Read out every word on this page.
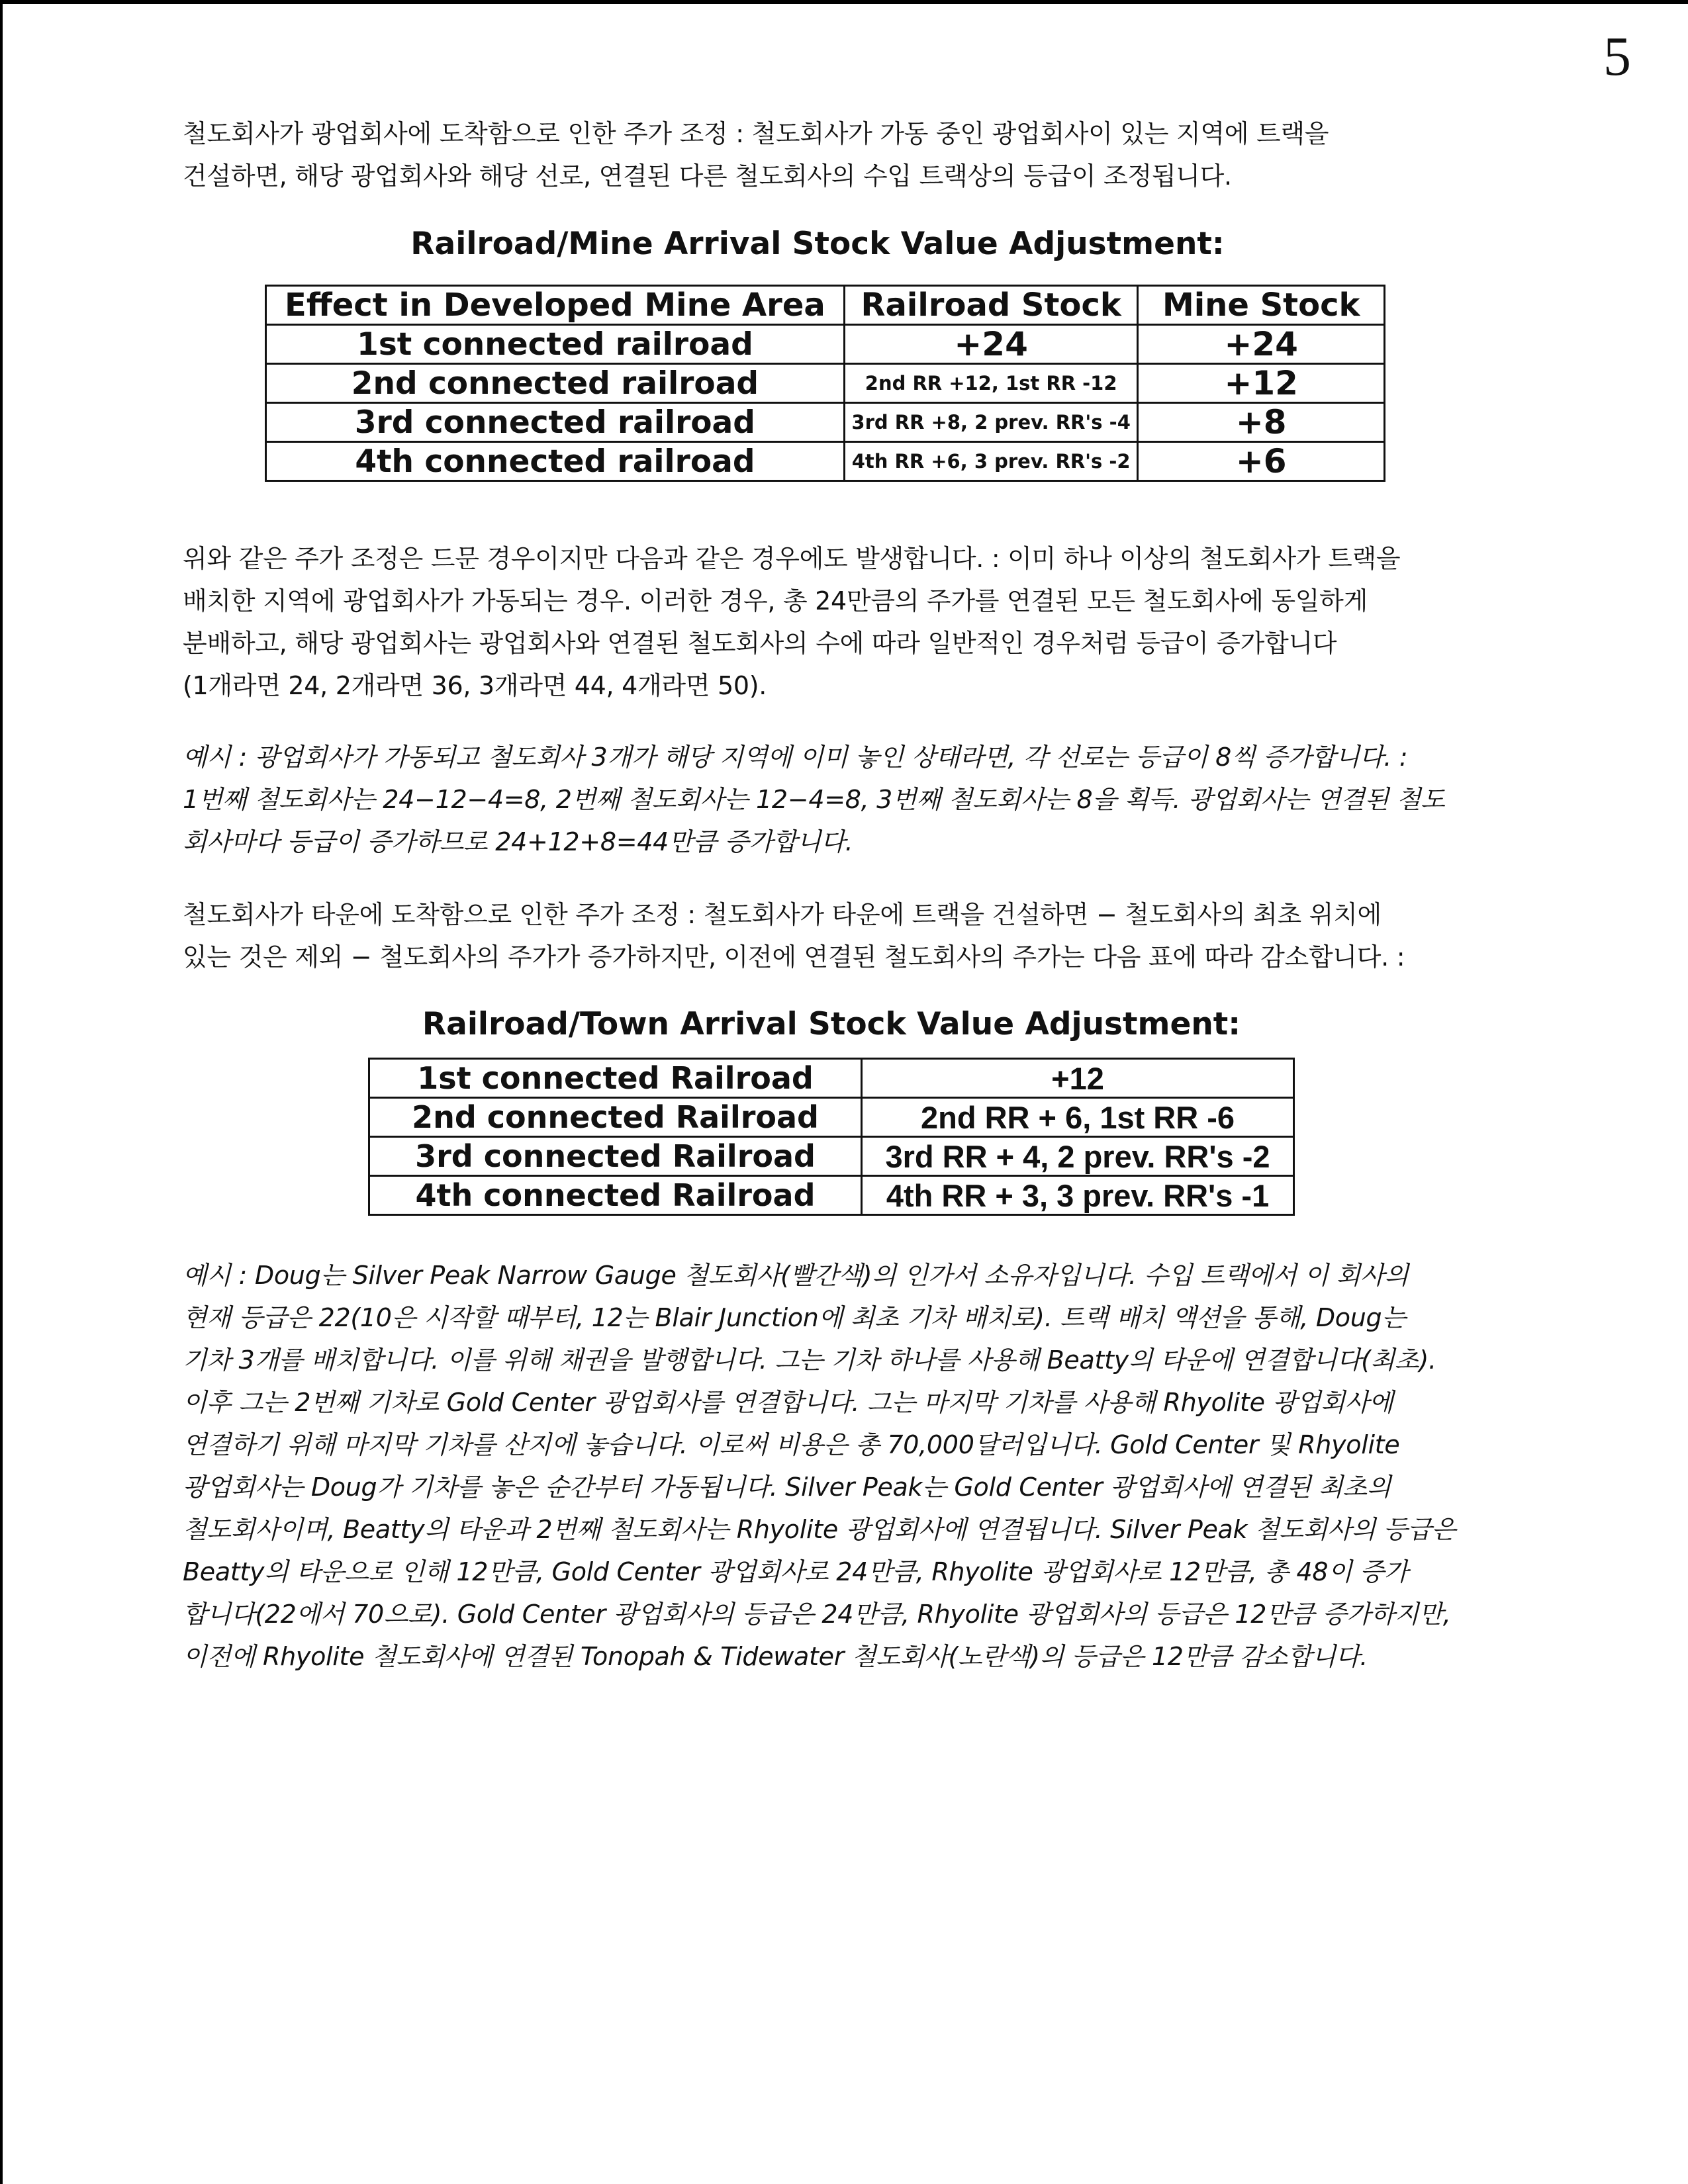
5
철도회사가 광업회사에 도착함으로 인한 주가 조정 : 철도회사가 가동 중인 광업회사이 있는 지역에 트랙을
건설하면, 해당 광업회사와 해당 선로, 연결된 다른 철도회사의 수입 트랙상의 등급이 조정됩니다.
Railroad/Mine Arrival Stock Value Adjustment:
Effect in Developed Mine Area	Railroad Stock	Mine Stock
1st connected railroad	+24	+24
2nd connected railroad	2nd RR +12, 1st RR -12	+12
3rd connected railroad	3rd RR +8, 2 prev. RR's -4	+8
4th connected railroad	4th RR +6, 3 prev. RR's -2	+6
위와 같은 주가 조정은 드문 경우이지만 다음과 같은 경우에도 발생합니다. : 이미 하나 이상의 철도회사가 트랙을
배치한 지역에 광업회사가 가동되는 경우. 이러한 경우, 총 24만큼의 주가를 연결된 모든 철도회사에 동일하게
분배하고, 해당 광업회사는 광업회사와 연결된 철도회사의 수에 따라 일반적인 경우처럼 등급이 증가합니다
(1개라면 24, 2개라면 36, 3개라면 44, 4개라면 50).
예시 : 광업회사가 가동되고 철도회사 3개가 해당 지역에 이미 놓인 상태라면, 각 선로는 등급이 8씩 증가합니다. :
1번째 철도회사는 24−12−4=8, 2번째 철도회사는 12−4=8, 3번째 철도회사는 8을 획득. 광업회사는 연결된 철도
회사마다 등급이 증가하므로 24+12+8=44만큼 증가합니다.
철도회사가 타운에 도착함으로 인한 주가 조정 : 철도회사가 타운에 트랙을 건설하면 − 철도회사의 최초 위치에
있는 것은 제외 − 철도회사의 주가가 증가하지만, 이전에 연결된 철도회사의 주가는 다음 표에 따라 감소합니다. :
Railroad/Town Arrival Stock Value Adjustment:
1st connected Railroad	+12
2nd connected Railroad	2nd RR + 6, 1st RR -6
3rd connected Railroad	3rd RR + 4, 2 prev. RR's -2
4th connected Railroad	4th RR + 3, 3 prev. RR's -1
예시 : Doug는 Silver Peak Narrow Gauge 철도회사(빨간색)의 인가서 소유자입니다. 수입 트랙에서 이 회사의
현재 등급은 22(10은 시작할 때부터, 12는 Blair Junction에 최초 기차 배치로). 트랙 배치 액션을 통해, Doug는
기차 3개를 배치합니다. 이를 위해 채권을 발행합니다. 그는 기차 하나를 사용해 Beatty의 타운에 연결합니다(최초).
이후 그는 2번째 기차로 Gold Center 광업회사를 연결합니다. 그는 마지막 기차를 사용해 Rhyolite 광업회사에
연결하기 위해 마지막 기차를 산지에 놓습니다. 이로써 비용은 총 70,000달러입니다. Gold Center 및 Rhyolite
광업회사는 Doug가 기차를 놓은 순간부터 가동됩니다. Silver Peak는 Gold Center 광업회사에 연결된 최초의
철도회사이며, Beatty의 타운과 2번째 철도회사는 Rhyolite 광업회사에 연결됩니다. Silver Peak 철도회사의 등급은
Beatty의 타운으로 인해 12만큼, Gold Center 광업회사로 24만큼, Rhyolite 광업회사로 12만큼, 총 48이 증가
합니다(22에서 70으로). Gold Center 광업회사의 등급은 24만큼, Rhyolite 광업회사의 등급은 12만큼 증가하지만,
이전에 Rhyolite 철도회사에 연결된 Tonopah & Tidewater 철도회사(노란색)의 등급은 12만큼 감소합니다.
